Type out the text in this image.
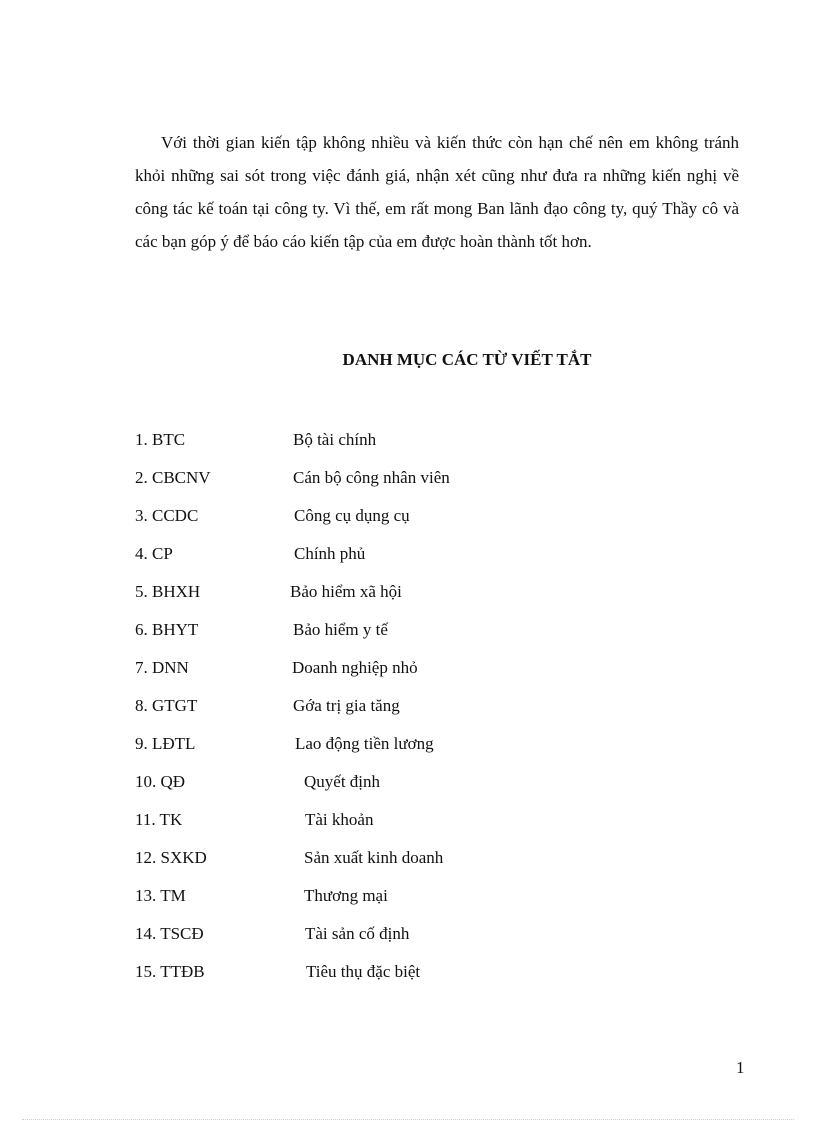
Với thời gian kiến tập không nhiều và kiến thức còn hạn chế nên em không tránh khỏi những sai sót trong việc đánh giá, nhận xét cũng như đưa ra những kiến nghị về công tác kế toán tại công ty. Vì thế, em rất mong Ban lãnh đạo công ty, quý Thầy cô và các bạn góp ý để báo cáo kiến tập của em được hoàn thành tốt hơn.

DANH MỤC CÁC TỪ VIẾT TẮT
1. BTC	Bộ tài chính
2. CBCNV	Cán bộ công nhân viên
3. CCDC	Công cụ dụng cụ
4. CP	Chính phủ
5. BHXH	Bảo hiểm xã hội
6. BHYT	Bảo hiểm y tế
7. DNN	Doanh nghiệp nhỏ
8. GTGT	Gớa trị gia tăng
9. LĐTL	Lao động tiền lương
10. QĐ	Quyết định
11. TK	Tài khoản
12. SXKD	Sản xuất kinh doanh
13. TM	Thương mại
14. TSCĐ	Tài sản cố định
15. TTĐB	Tiêu thụ đặc biệt
1
